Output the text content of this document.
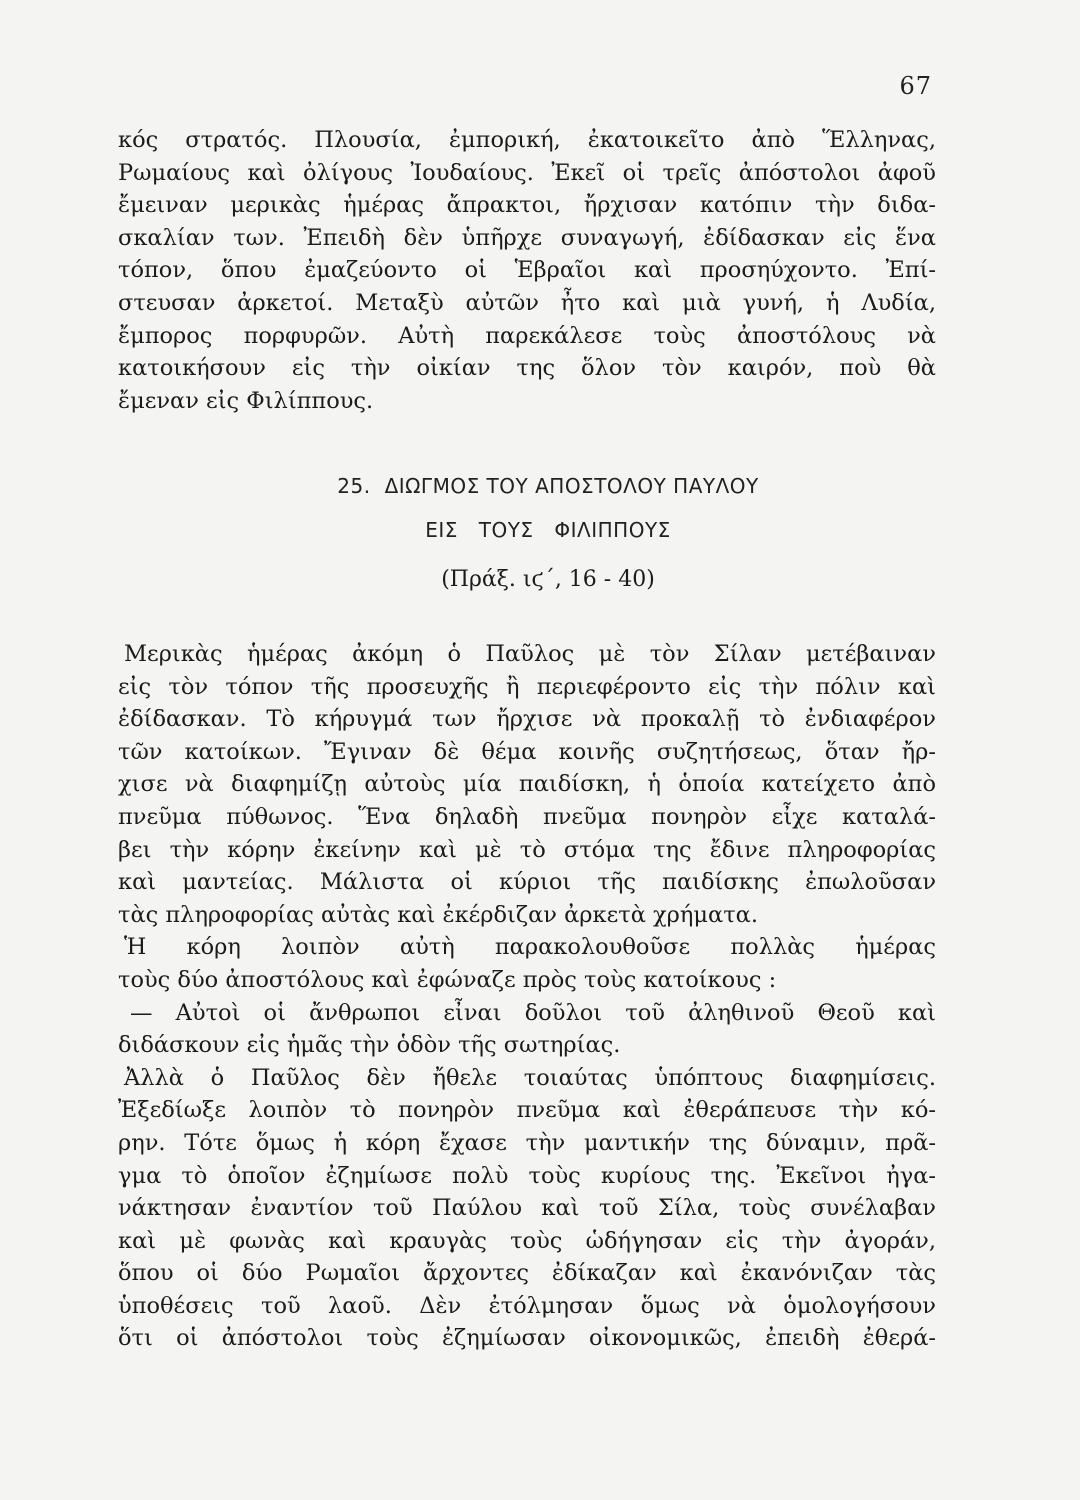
67
κός στρατός. Πλουσία, ἐμπορική, ἐκατοικεῖτο ἀπὸ Ἕλληνας,
Ρωμαίους καὶ ὀλίγους Ἰουδαίους. Ἐκεῖ οἱ τρεῖς ἀπόστολοι ἀφοῦ
ἔμειναν μερικὰς ἡμέρας ἄπρακτοι, ἤρχισαν κατόπιν τὴν διδα-
σκαλίαν των. Ἐπειδὴ δὲν ὑπῆρχε συναγωγή, ἐδίδασκαν εἰς ἕνα
τόπον, ὅπου ἐμαζεύοντο οἱ Ἑβραῖοι καὶ προσηύχοντο. Ἐπί-
στευσαν ἀρκετοί. Μεταξὺ αὐτῶν ἦτο καὶ μιὰ γυνή, ἡ Λυδία,
ἔμπορος πορφυρῶν. Αὐτὴ παρεκάλεσε τοὺς ἀποστόλους νὰ
κατοικήσουν εἰς τὴν οἰκίαν της ὅλον τὸν καιρόν, ποὺ θὰ
ἔμεναν εἰς Φιλίππους.
25. ΔΙΩΓΜΟΣ ΤΟΥ ΑΠΟΣΤΟΛΟΥ ΠΑΥΛΟΥ
ΕΙΣ ΤΟΥΣ ΦΙΛΙΠΠΟΥΣ
(Πράξ. ιϛ΄, 16 - 40)
Μερικὰς ἡμέρας ἀκόμη ὁ Παῦλος μὲ τὸν Σίλαν μετέβαιναν
εἰς τὸν τόπον τῆς προσευχῆς ἢ περιεφέροντο εἰς τὴν πόλιν καὶ
ἐδίδασκαν. Τὸ κήρυγμά των ἤρχισε νὰ προκαλῇ τὸ ἐνδιαφέρον
τῶν κατοίκων. Ἔγιναν δὲ θέμα κοινῆς συζητήσεως, ὅταν ἤρ-
χισε νὰ διαφημίζῃ αὐτοὺς μία παιδίσκη, ἡ ὁποία κατείχετο ἀπὸ
πνεῦμα πύθωνος. Ἕνα δηλαδὴ πνεῦμα πονηρὸν εἶχε καταλά-
βει τὴν κόρην ἐκείνην καὶ μὲ τὸ στόμα της ἔδινε πληροφορίας
καὶ μαντείας. Μάλιστα οἱ κύριοι τῆς παιδίσκης ἐπωλοῦσαν
τὰς πληροφορίας αὐτὰς καὶ ἐκέρδιζαν ἀρκετὰ χρήματα.
Ἡ κόρη λοιπὸν αὐτὴ παρακολουθοῦσε πολλὰς ἡμέρας
τοὺς δύο ἀποστόλους καὶ ἐφώναζε πρὸς τοὺς κατοίκους :
— Αὐτοὶ οἱ ἄνθρωποι εἶναι δοῦλοι τοῦ ἀληθινοῦ Θεοῦ καὶ
διδάσκουν εἰς ἡμᾶς τὴν ὁδὸν τῆς σωτηρίας.
Ἀλλὰ ὁ Παῦλος δὲν ἤθελε τοιαύτας ὑπόπτους διαφημίσεις.
Ἐξεδίωξε λοιπὸν τὸ πονηρὸν πνεῦμα καὶ ἐθεράπευσε τὴν κό-
ρην. Τότε ὅμως ἡ κόρη ἔχασε τὴν μαντικήν της δύναμιν, πρᾶ-
γμα τὸ ὁποῖον ἐζημίωσε πολὺ τοὺς κυρίους της. Ἐκεῖνοι ἠγα-
νάκτησαν ἐναντίον τοῦ Παύλου καὶ τοῦ Σίλα, τοὺς συνέλαβαν
καὶ μὲ φωνὰς καὶ κραυγὰς τοὺς ὡδήγησαν εἰς τὴν ἀγοράν,
ὅπου οἱ δύο Ρωμαῖοι ἄρχοντες ἐδίκαζαν καὶ ἐκανόνιζαν τὰς
ὑποθέσεις τοῦ λαοῦ. Δὲν ἐτόλμησαν ὅμως νὰ ὁμολογήσουν
ὅτι οἱ ἀπόστολοι τοὺς ἐζημίωσαν οἰκονομικῶς, ἐπειδὴ ἐθερά-
